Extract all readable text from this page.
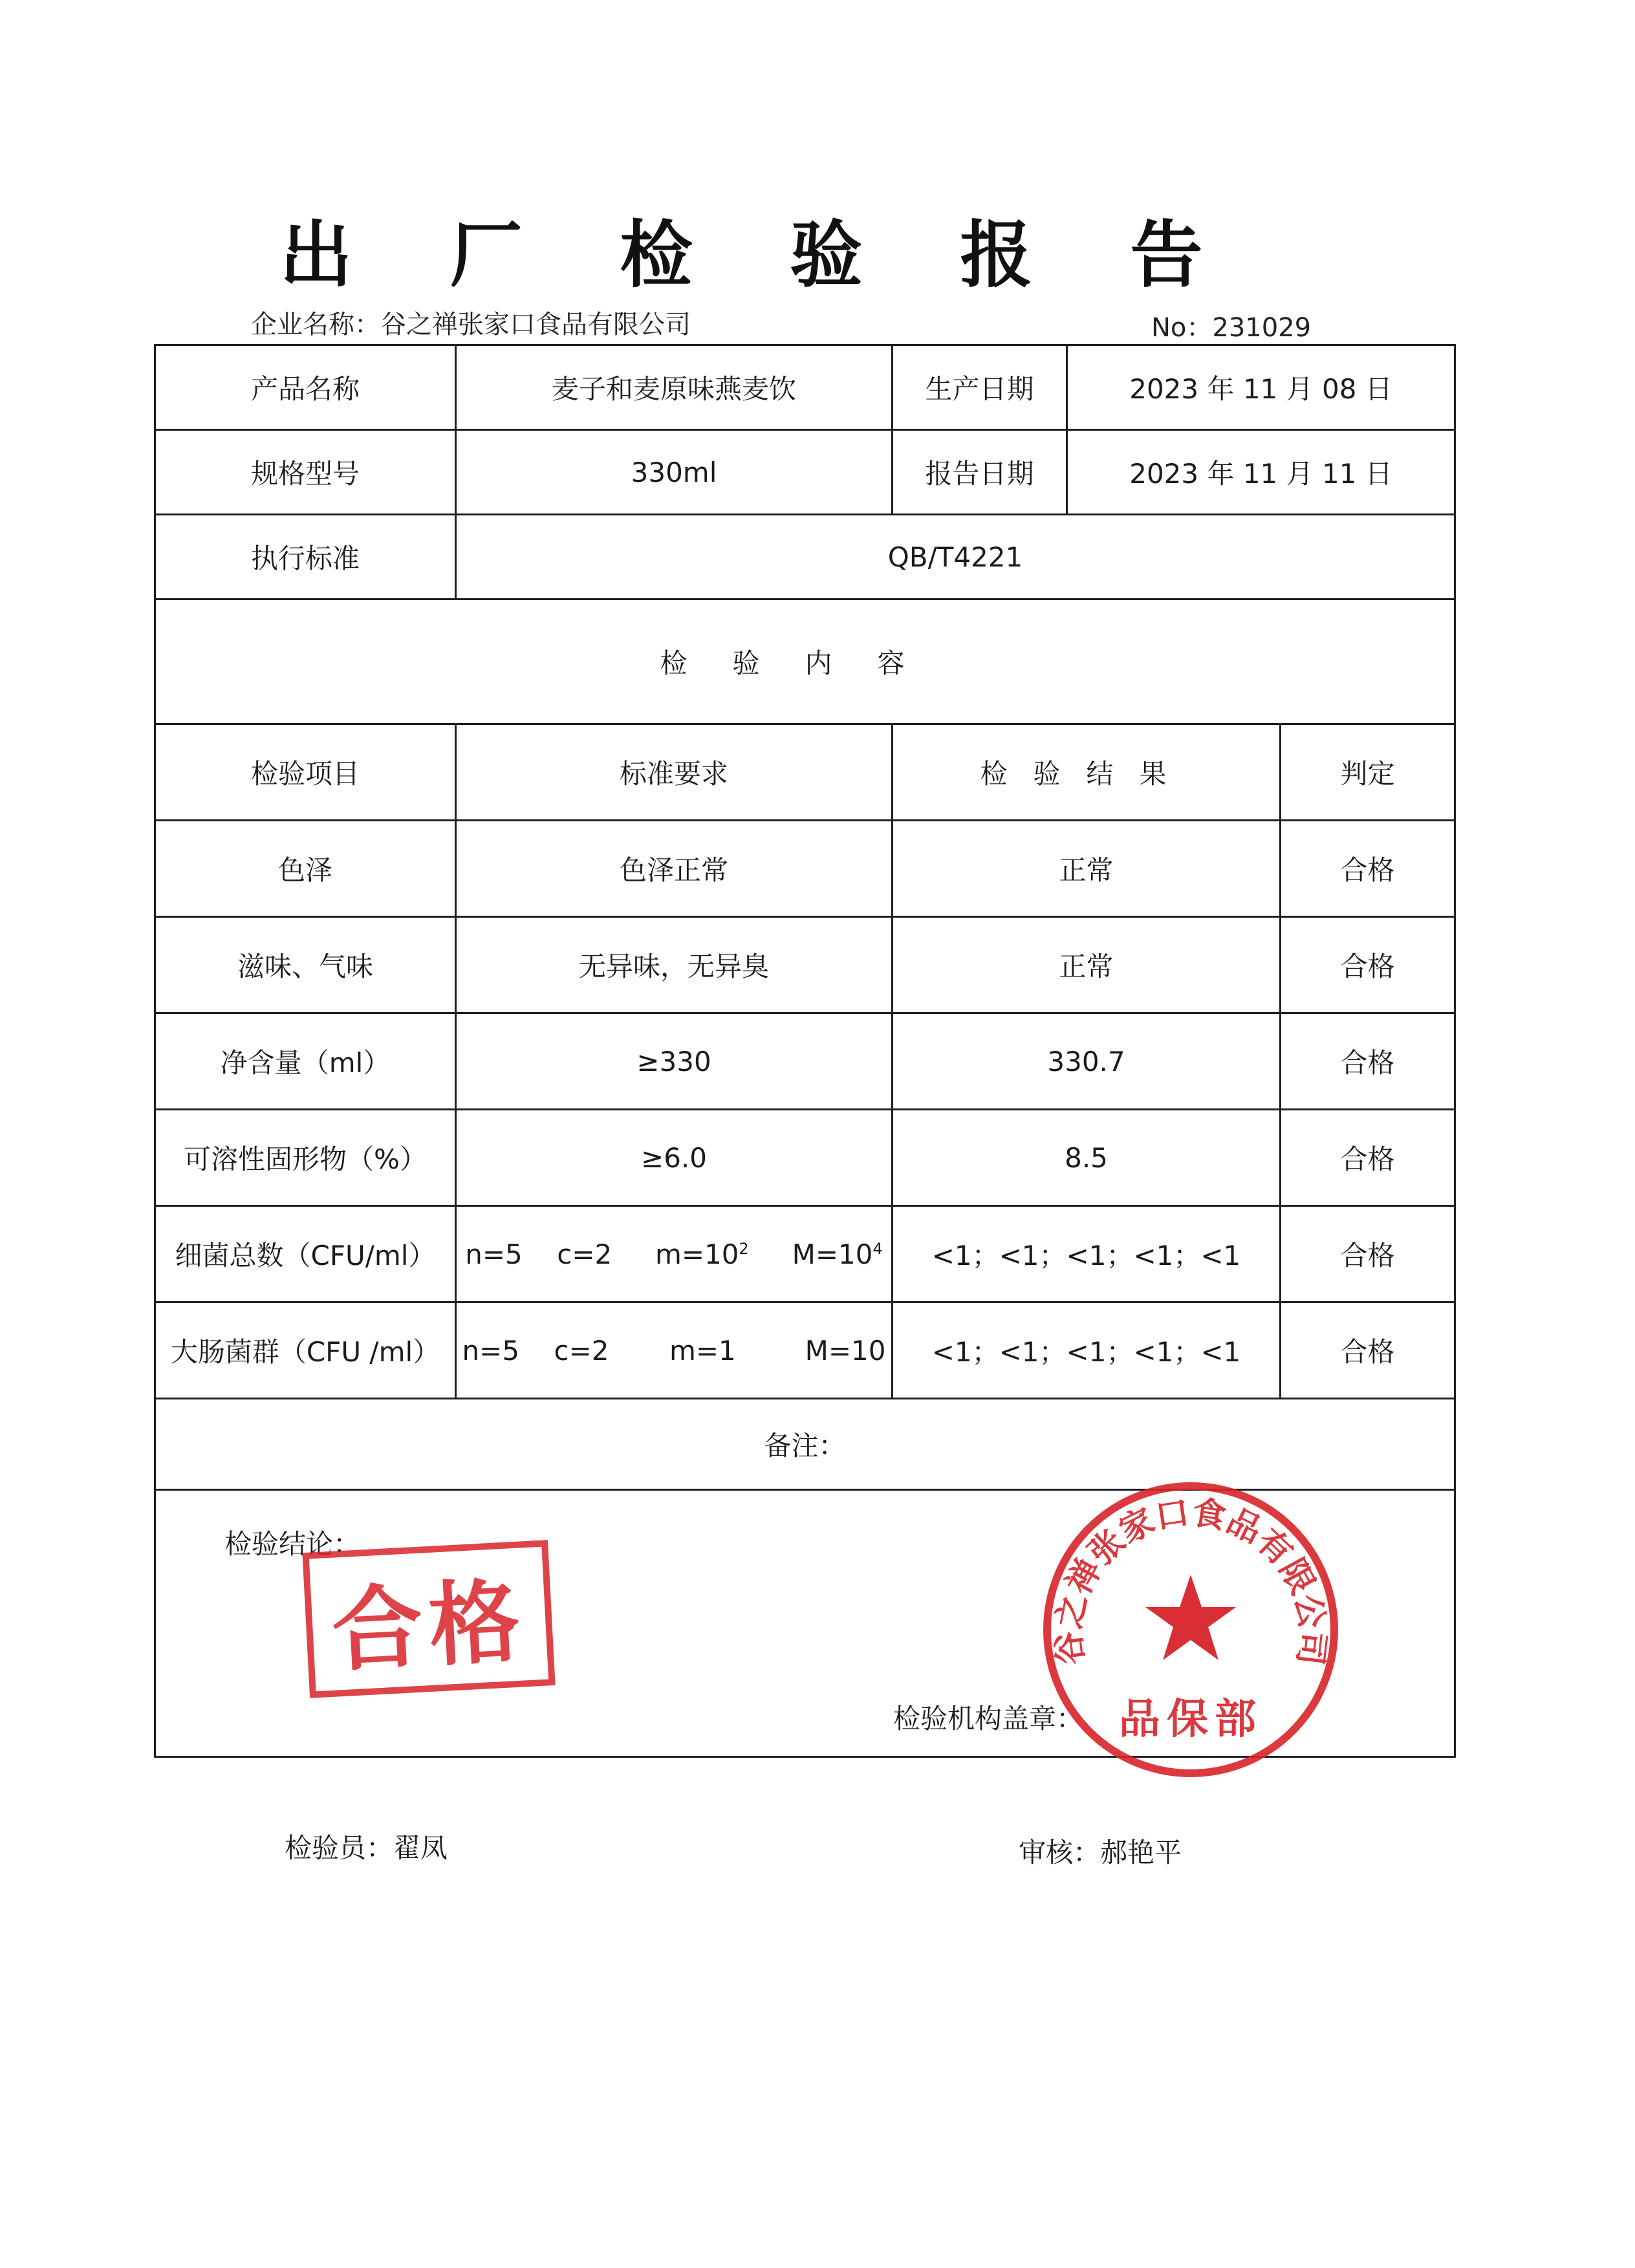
出 厂 检 验 报 告
企业名称：谷之禅张家口食品有限公司	No：231029
产品名称	麦子和麦原味燕麦饮	生产日期	2023 年 11 月 08 日	
规格型号	330ml	报告日期	2023 年 11 月 11 日	
执行标准	QB/T4221			
检验内容				
检验项目	标准要求	检验结果		判定
色泽	色泽正常	正常		合格
滋味、气味	无异味，无异臭	正常		合格
净含量（ml）	≥330	330.7		合格
可溶性固形物（%）	≥6.0	8.5		合格
细菌总数（CFU/ml）	n=5 c=2 $m=10^2$ $M=10^4$	<1；<1；<1；<1；<1		合格
大肠菌群（CFU /ml）	n=5 c=2 m=1 M=10	<1；<1；<1；<1；<1		合格
备注：				

检验结论：
合格
检验机构盖章：
谷之禅张家口食品有限公司
品保部				
检验员：翟凤	审核：郝艳平
